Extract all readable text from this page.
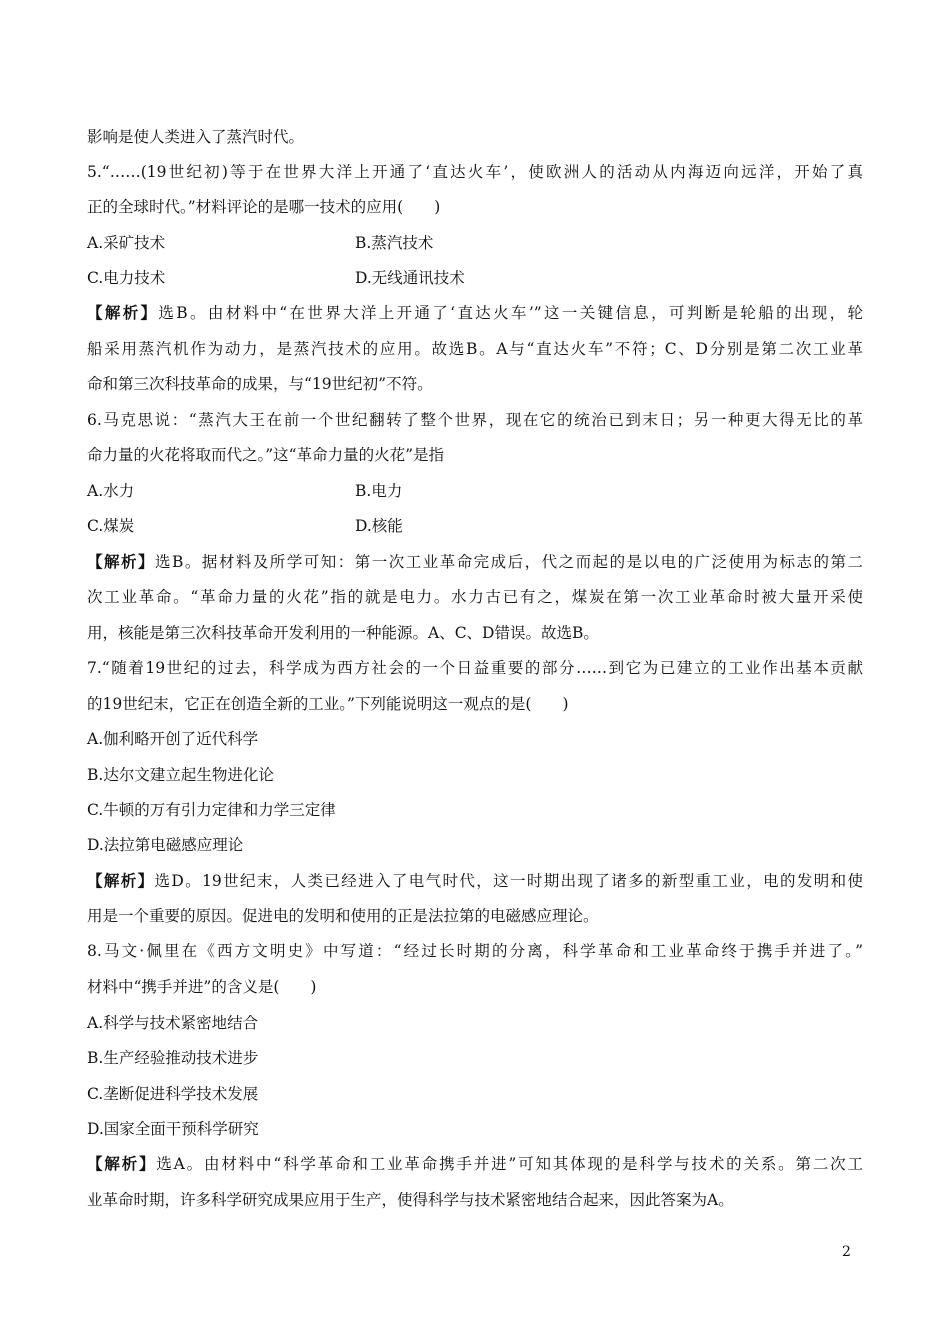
影响是使人类进入了蒸汽时代。
5.“……(19世纪初)等于在世界大洋上开通了‘直达火车’，使欧洲人的活动从内海迈向远洋，开始了真
正的全球时代。”材料评论的是哪一技术的应用(　　)
A.采矿技术	B.蒸汽技术
C.电力技术	D.无线通讯技术
【解析】选B。由材料中“在世界大洋上开通了‘直达火车’”这一关键信息，可判断是轮船的出现，轮
船采用蒸汽机作为动力，是蒸汽技术的应用。故选B。A与“直达火车”不符；C、D分别是第二次工业革
命和第三次科技革命的成果，与“19世纪初”不符。
6.马克思说：“蒸汽大王在前一个世纪翻转了整个世界，现在它的统治已到末日；另一种更大得无比的革
命力量的火花将取而代之。”这“革命力量的火花”是指
A.水力	B.电力
C.煤炭	D.核能
【解析】选B。据材料及所学可知：第一次工业革命完成后，代之而起的是以电的广泛使用为标志的第二
次工业革命。“革命力量的火花”指的就是电力。水力古已有之，煤炭在第一次工业革命时被大量开采使
用，核能是第三次科技革命开发利用的一种能源。A、C、D错误。故选B。
7.“随着19世纪的过去，科学成为西方社会的一个日益重要的部分……到它为已建立的工业作出基本贡献
的19世纪末，它正在创造全新的工业。”下列能说明这一观点的是(　　)
A.伽利略开创了近代科学
B.达尔文建立起生物进化论
C.牛顿的万有引力定律和力学三定律
D.法拉第电磁感应理论
【解析】选D。19世纪末，人类已经进入了电气时代，这一时期出现了诸多的新型重工业，电的发明和使
用是一个重要的原因。促进电的发明和使用的正是法拉第的电磁感应理论。
8.马文·佩里在《西方文明史》中写道：“经过长时期的分离，科学革命和工业革命终于携手并进了。”
材料中“携手并进”的含义是(　　)
A.科学与技术紧密地结合
B.生产经验推动技术进步
C.垄断促进科学技术发展
D.国家全面干预科学研究
【解析】选A。由材料中“科学革命和工业革命携手并进”可知其体现的是科学与技术的关系。第二次工
业革命时期，许多科学研究成果应用于生产，使得科学与技术紧密地结合起来，因此答案为A。
2
